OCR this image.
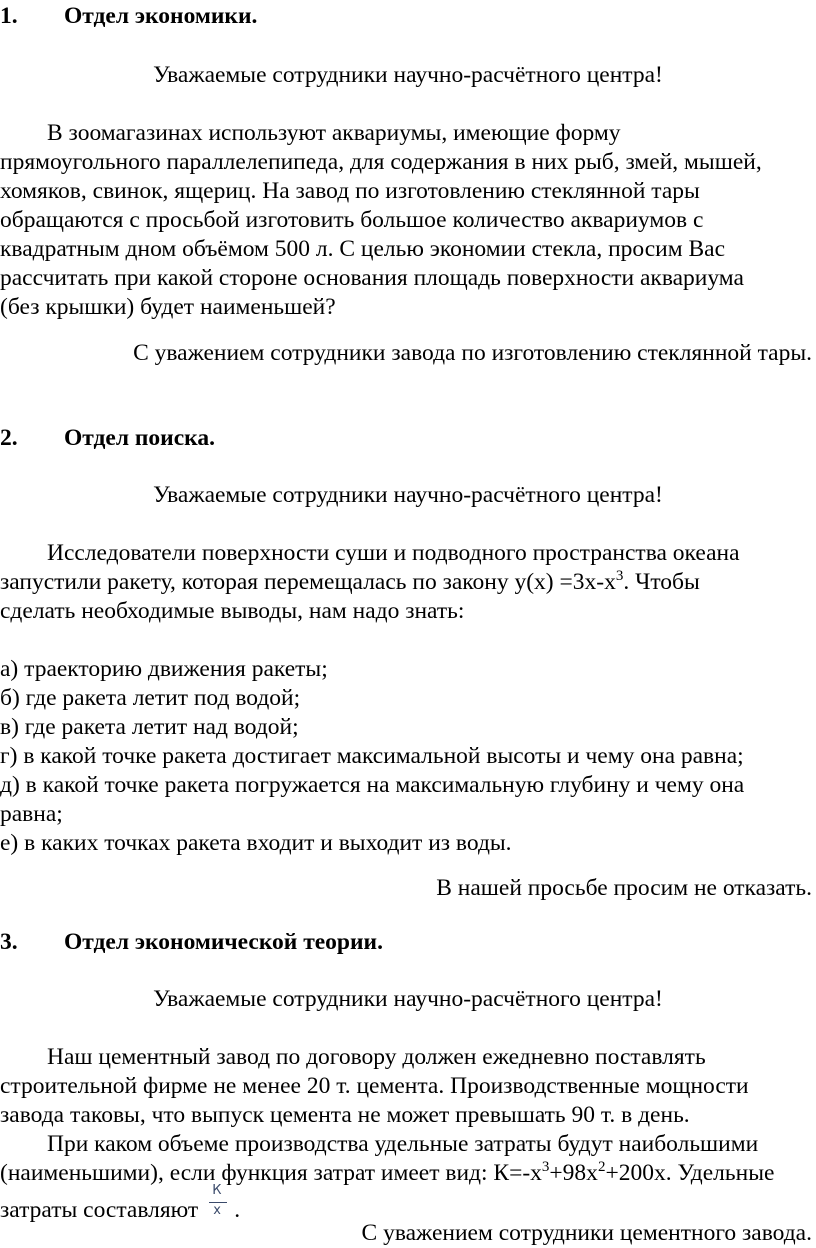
1. Отдел экономики.
Уважаемые сотрудники научно-расчётного центра!
В зоомагазинах используют аквариумы, имеющие форму
прямоугольного параллелепипеда, для содержания в них рыб, змей, мышей,
хомяков, свинок, ящериц. На завод по изготовлению стеклянной тары
обращаются с просьбой изготовить большое количество аквариумов с
квадратным дном объёмом 500 л. С целью экономии стекла, просим Вас
рассчитать при какой стороне основания площадь поверхности аквариума
(без крышки) будет наименьшей?
С уважением сотрудники завода по изготовлению стеклянной тары.
2. Отдел поиска.
Уважаемые сотрудники научно-расчётного центра!
Исследователи поверхности суши и подводного пространства океана
запустили ракету, которая перемещалась по закону $y(x) =3x-x^3$. Чтобы
сделать необходимые выводы, нам надо знать:
а) траекторию движения ракеты;
б) где ракета летит под водой;
в) где ракета летит над водой;
г) в какой точке ракета достигает максимальной высоты и чему она равна;
д) в какой точке ракета погружается на максимальную глубину и чему она
равна;
е) в каких точках ракета входит и выходит из воды.
В нашей просьбе просим не отказать.
3. Отдел экономической теории.
Уважаемые сотрудники научно-расчётного центра!
Наш цементный завод по договору должен ежедневно поставлять
строительной фирме не менее 20 т. цемента. Производственные мощности
завода таковы, что выпуск цемента не может превышать 90 т. в день.
При каком объеме производства удельные затраты будут наибольшими
(наименьшими), если функция затрат имеет вид: $К=-x^3+98x^2+200x$. Удельные
затраты составляют $\frac{К}{x}$ .
С уважением сотрудники цементного завода.
